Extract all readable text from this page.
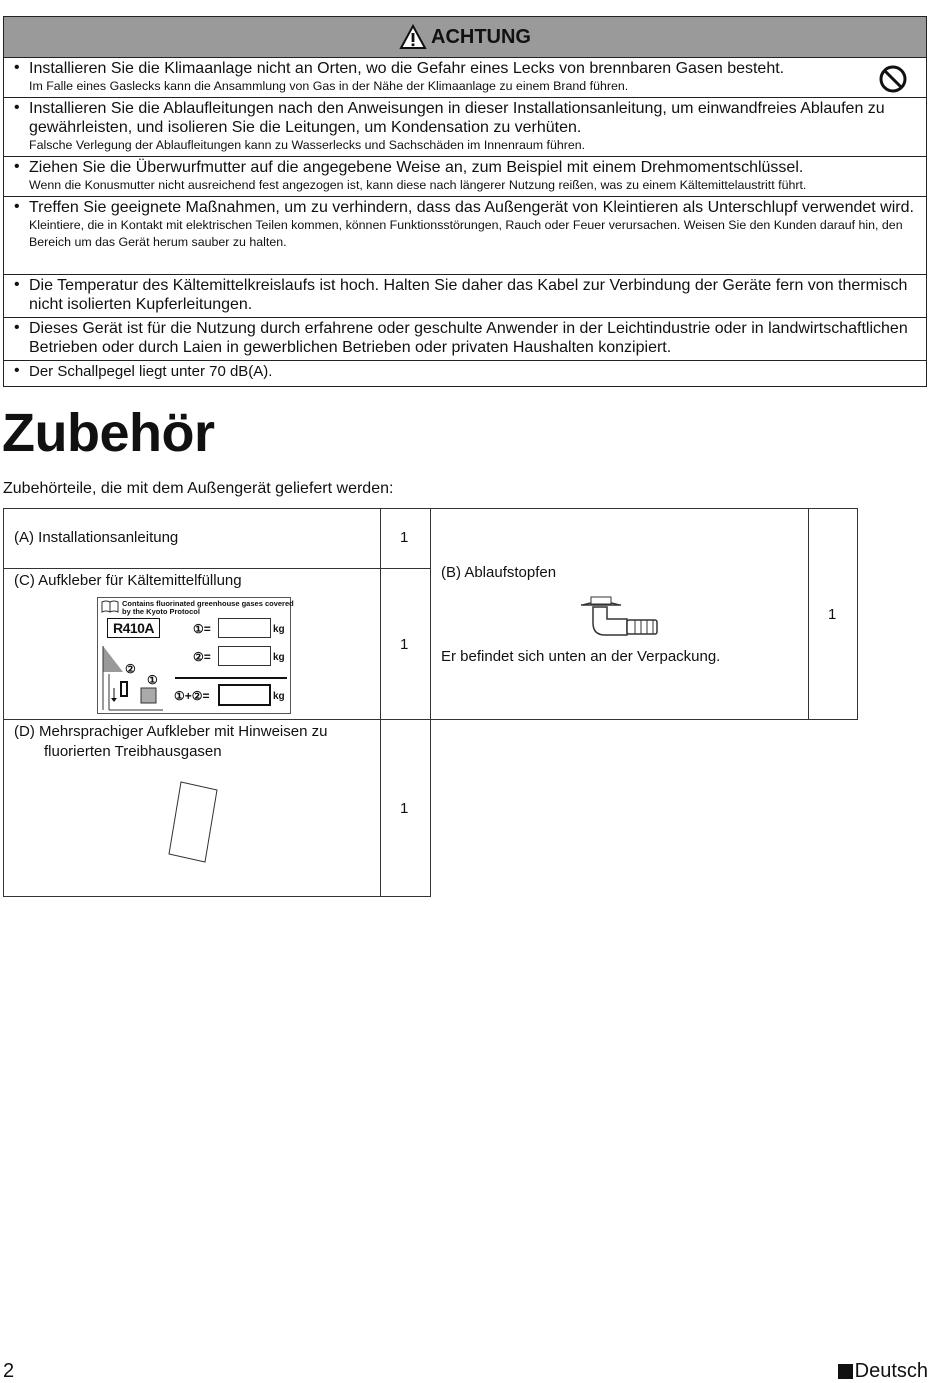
ACHTUNG
• Installieren Sie die Klimaanlage nicht an Orten, wo die Gefahr eines Lecks von brennbaren Gasen besteht.
Im Falle eines Gaslecks kann die Ansammlung von Gas in der Nähe der Klimaanlage zu einem Brand führen.
• Installieren Sie die Ablaufleitungen nach den Anweisungen in dieser Installationsanleitung, um einwandfreies Ablaufen zu gewährleisten, und isolieren Sie die Leitungen, um Kondensation zu verhüten.
Falsche Verlegung der Ablaufleitungen kann zu Wasserlecks und Sachschäden im Innenraum führen.
• Ziehen Sie die Überwurfmutter auf die angegebene Weise an, zum Beispiel mit einem Drehmomentschlüssel.
Wenn die Konusmutter nicht ausreichend fest angezogen ist, kann diese nach längerer Nutzung reißen, was zu einem Kältemittelaustritt führt.
• Treffen Sie geeignete Maßnahmen, um zu verhindern, dass das Außengerät von Kleintieren als Unterschlupf verwendet wird.
Kleintiere, die in Kontakt mit elektrischen Teilen kommen, können Funktionsstörungen, Rauch oder Feuer verursachen. Weisen Sie den Kunden darauf hin, den Bereich um das Gerät herum sauber zu halten.
• Die Temperatur des Kältemittelkreislaufs ist hoch. Halten Sie daher das Kabel zur Verbindung der Geräte fern von thermisch nicht isolierten Kupferleitungen.
• Dieses Gerät ist für die Nutzung durch erfahrene oder geschulte Anwender in der Leichtindustrie oder in landwirtschaftlichen Betrieben oder durch Laien in gewerblichen Betrieben oder privaten Haushalten konzipiert.
• Der Schallpegel liegt unter 70 dB(A).
Zubehör
Zubehörteile, die mit dem Außengerät geliefert werden:
(A) Installationsanleitung	1
(C) Aufkleber für Kältemittelfüllung
Contains fluorinated greenhouse gases covered
by the Kyoto Protocol
R410A	①=	kg
②=	kg
①+②=	kg
②
①
1
(D) Mehrsprachiger Aufkleber mit Hinweisen zu
fluorierten Treibhausgasen
1
(B) Ablaufstopfen
Er befindet sich unten an der Verpackung.
1
2	Deutsch
